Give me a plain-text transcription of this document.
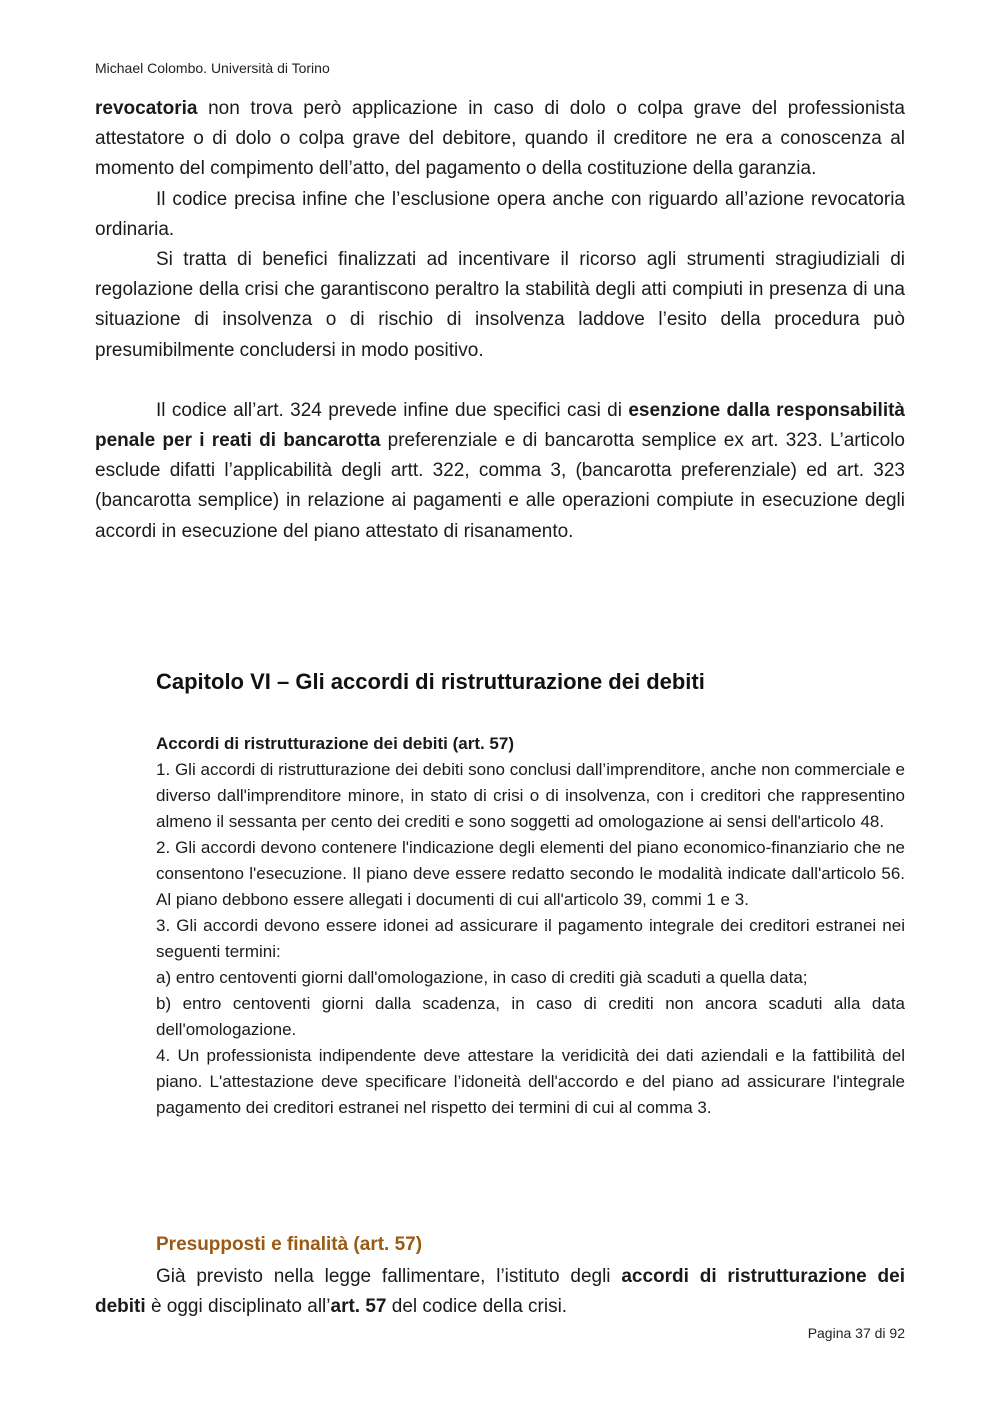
Michael Colombo. Università di Torino

revocatoria non trova però applicazione in caso di dolo o colpa grave del professionista attestatore o di dolo o colpa grave del debitore, quando il creditore ne era a conoscenza al momento del compimento dell’atto, del pagamento o della costituzione della garanzia.

Il codice precisa infine che l’esclusione opera anche con riguardo all’azione revocatoria ordinaria.

Si tratta di benefici finalizzati ad incentivare il ricorso agli strumenti stragiudiziali di regolazione della crisi che garantiscono peraltro la stabilità degli atti compiuti in presenza di una situazione di insolvenza o di rischio di insolvenza laddove l’esito della procedura può presumibilmente concludersi in modo positivo.

Il codice all’art. 324 prevede infine due specifici casi di esenzione dalla responsabilità penale per i reati di bancarotta preferenziale e di bancarotta semplice ex art. 323. L’articolo esclude difatti l’applicabilità degli artt. 322, comma 3, (bancarotta preferenziale) ed art. 323 (bancarotta semplice) in relazione ai pagamenti e alle operazioni compiute in esecuzione degli accordi in esecuzione del piano attestato di risanamento.

Capitolo VI – Gli accordi di ristrutturazione dei debiti

Accordi di ristrutturazione dei debiti (art. 57)

1. Gli accordi di ristrutturazione dei debiti sono conclusi dall’imprenditore, anche non commerciale e diverso dall'imprenditore minore, in stato di crisi o di insolvenza, con i creditori che rappresentino almeno il sessanta per cento dei crediti e sono soggetti ad omologazione ai sensi dell'articolo 48.

2. Gli accordi devono contenere l'indicazione degli elementi del piano economico-finanziario che ne consentono l'esecuzione. Il piano deve essere redatto secondo le modalità indicate dall'articolo 56. Al piano debbono essere allegati i documenti di cui all'articolo 39, commi 1 e 3.

3. Gli accordi devono essere idonei ad assicurare il pagamento integrale dei creditori estranei nei seguenti termini:

a) entro centoventi giorni dall'omologazione, in caso di crediti già scaduti a quella data;

b) entro centoventi giorni dalla scadenza, in caso di crediti non ancora scaduti alla data dell'omologazione.

4. Un professionista indipendente deve attestare la veridicità dei dati aziendali e la fattibilità del piano. L'attestazione deve specificare l’idoneità dell'accordo e del piano ad assicurare l'integrale pagamento dei creditori estranei nel rispetto dei termini di cui al comma 3.

Presupposti e finalità (art. 57)

Già previsto nella legge fallimentare, l’istituto degli accordi di ristrutturazione dei debiti è oggi disciplinato all’art. 57 del codice della crisi.

Pagina 37 di 92
